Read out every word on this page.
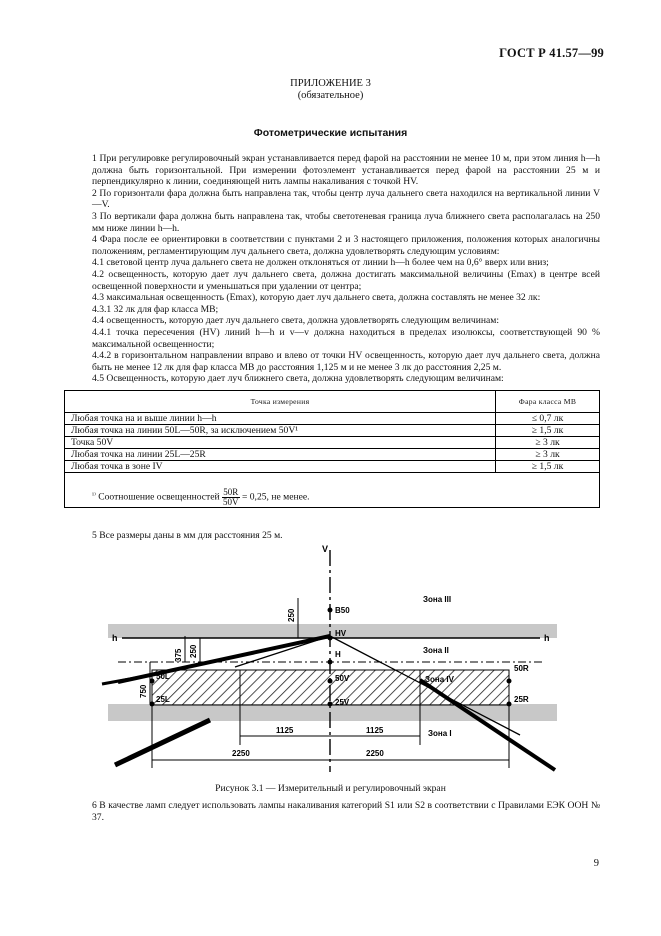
ГОСТ Р 41.57—99
ПРИЛОЖЕНИЕ 3
(обязательное)
Фотометрические испытания

1 При регулировке регулировочный экран устанавливается перед фарой на расстоянии не менее 10 м, при этом линия h—h должна быть горизонтальной. При измерении фотоэлемент устанавливается перед фарой на расстоянии 25 м и перпендикулярно к линии, соединяющей нить лампы накаливания с точкой HV.

2 По горизонтали фара должна быть направлена так, чтобы центр луча дальнего света находился на вертикальной линии V—V.

3 По вертикали фара должна быть направлена так, чтобы светотеневая граница луча ближнего света располагалась на 250 мм ниже линии h—h.

4 Фара после ее ориентировки в соответствии с пунктами 2 и 3 настоящего приложения, положения которых аналогичны положениям, регламентирующим луч дальнего света, должна удовлетворять следующим условиям:

4.1 световой центр луча дальнего света не должен отклоняться от линии h—h более чем на 0,6° вверх или вниз;

4.2 освещенность, которую дает луч дальнего света, должна достигать максимальной величины (Emax) в центре всей освещенной поверхности и уменьшаться при удалении от центра;

4.3 максимальная освещенность (Emax), которую дает луч дальнего света, должна составлять не менее 32 лк:

4.3.1 32 лк для фар класса МВ;

4.4 освещенность, которую дает луч дальнего света, должна удовлетворять следующим величинам:

4.4.1 точка пересечения (HV) линий h—h и v—v должна находиться в пределах изолюксы, соответствующей 90 % максимальной освещенности;

4.4.2 в горизонтальном направлении вправо и влево от точки HV освещенность, которую дает луч дальнего света, должна быть не менее 12 лк для фар класса МВ до расстояния 1,125 м и не менее 3 лк до расстояния 2,25 м.

4.5 Освещенность, которую дает луч ближнего света, должна удовлетворять следующим величинам:

Точка измерения	Фара класса МВ
Любая точка на и выше линии h—h	≤ 0,7 лк
Любая точка на линии 50L—50R, за исключением 50V¹	≥ 1,5 лк
Точка 50V	≥ 3 лк
Любая точка на линии 25L—25R	≥ 3 лк
Любая точка в зоне IV	≥ 1,5 лк

$^{^{1)}}$ Соотношение освещенностей $\frac{50R}{50V} = 0,25$, не менее.
5 Все размеры даны в мм для расстояния 25 м.
V
h	h
B50
HV
H
Зона III
Зона II
Зона IV
Зона I
50L	50V
50R
25L	25V	25R
250
375 250
750
1125	1125
2250	2250
Рисунок 3.1 — Измерительный и регулировочный экран
6 В качестве ламп следует использовать лампы накаливания категорий S1 или S2 в соответствии с Правилами ЕЭК ООН № 37.
9
